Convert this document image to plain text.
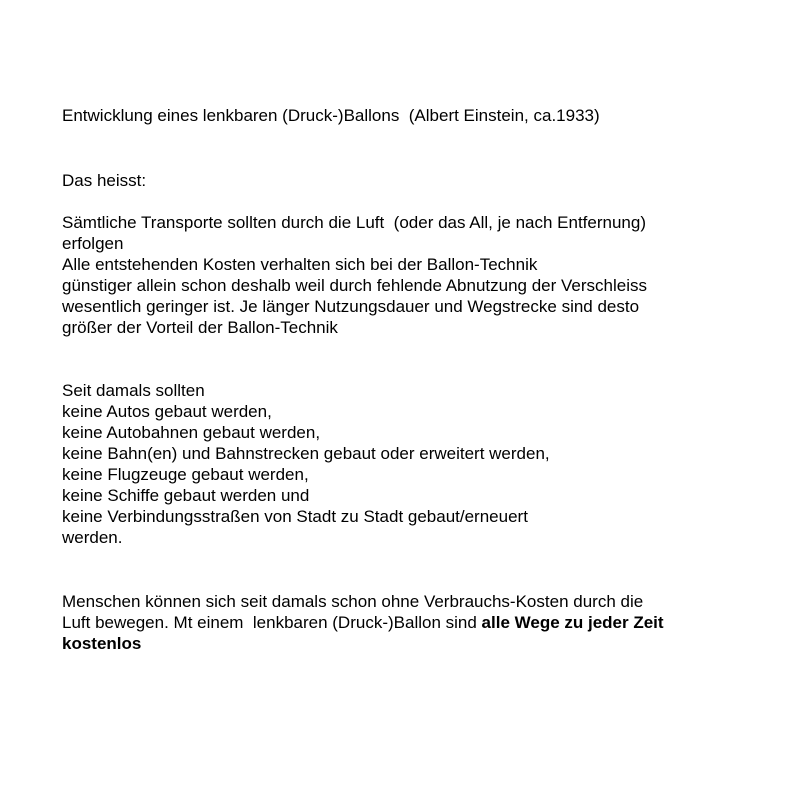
Entwicklung eines lenkbaren (Druck-)Ballons  (Albert Einstein, ca.1933)
Das heisst:
Sämtliche Transporte sollten durch die Luft  (oder das All, je nach Entfernung)
erfolgen
Alle entstehenden Kosten verhalten sich bei der Ballon-Technik
günstiger allein schon deshalb weil durch fehlende Abnutzung der Verschleiss
wesentlich geringer ist. Je länger Nutzungsdauer und Wegstrecke sind desto
größer der Vorteil der Ballon-Technik
Seit damals sollten
keine Autos gebaut werden,
keine Autobahnen gebaut werden,
keine Bahn(en) und Bahnstrecken gebaut oder erweitert werden,
keine Flugzeuge gebaut werden,
keine Schiffe gebaut werden und
keine Verbindungsstraßen von Stadt zu Stadt gebaut/erneuert
werden.
Menschen können sich seit damals schon ohne Verbrauchs-Kosten durch die
Luft bewegen. Mt einem  lenkbaren (Druck-)Ballon sind alle Wege zu jeder Zeit
kostenlos
